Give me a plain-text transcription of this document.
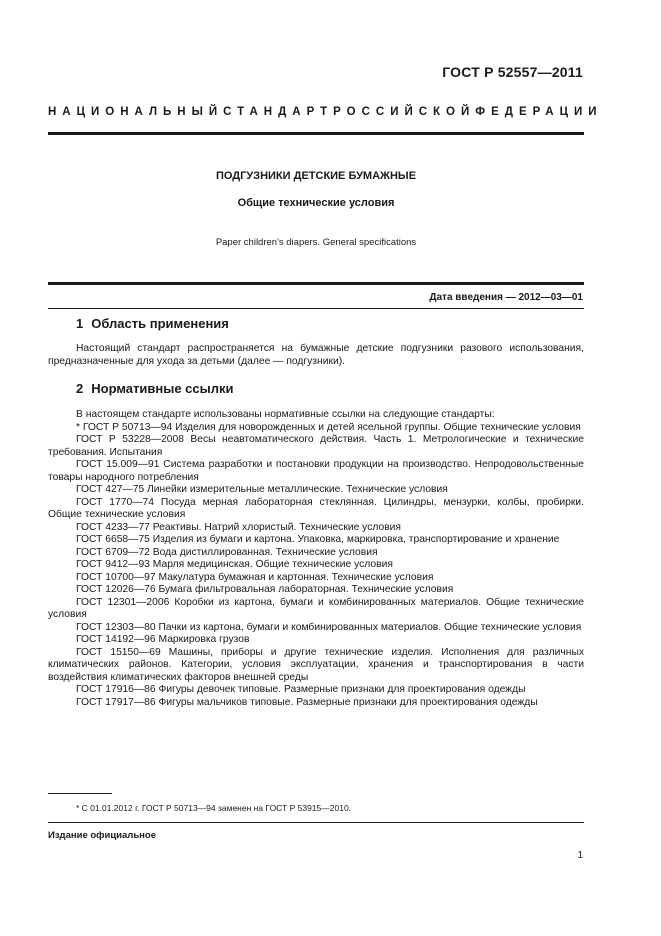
ГОСТ Р 52557—2011
НАЦИОНАЛЬНЫЙ СТАНДАРТ РОССИЙСКОЙ ФЕДЕРАЦИИ
ПОДГУЗНИКИ ДЕТСКИЕ БУМАЖНЫЕ
Общие технические условия
Paper children's diapers. General specifications
Дата введения — 2012—03—01
1 Область применения
Настоящий стандарт распространяется на бумажные детские подгузники разового использования, предназначенные для ухода за детьми (далее — подгузники).
2 Нормативные ссылки

В настоящем стандарте использованы нормативные ссылки на следующие стандарты:

* ГОСТ Р 50713—94 Изделия для новорожденных и детей ясельной группы. Общие технические условия

ГОСТ Р 53228—2008 Весы неавтоматического действия. Часть 1. Метрологические и технические требования. Испытания

ГОСТ 15.009—91 Система разработки и постановки продукции на производство. Непродовольственные товары народного потребления

ГОСТ 427—75 Линейки измерительные металлические. Технические условия

ГОСТ 1770—74 Посуда мерная лабораторная стеклянная. Цилиндры, мензурки, колбы, пробирки. Общие технические условия

ГОСТ 4233—77 Реактивы. Натрий хлористый. Технические условия

ГОСТ 6658—75 Изделия из бумаги и картона. Упаковка, маркировка, транспортирование и хранение

ГОСТ 6709—72 Вода дистиллированная. Технические условия

ГОСТ 9412—93 Марля медицинская. Общие технические условия

ГОСТ 10700—97 Макулатура бумажная и картонная. Технические условия

ГОСТ 12026—76 Бумага фильтровальная лабораторная. Технические условия

ГОСТ 12301—2006 Коробки из картона, бумаги и комбинированных материалов. Общие технические условия

ГОСТ 12303—80 Пачки из картона, бумаги и комбинированных материалов. Общие технические условия

ГОСТ 14192—96 Маркировка грузов

ГОСТ 15150—69 Машины, приборы и другие технические изделия. Исполнения для различных климатических районов. Категории, условия эксплуатации, хранения и транспортирования в части воздействия климатических факторов внешней среды

ГОСТ 17916—86 Фигуры девочек типовые. Размерные признаки для проектирования одежды

ГОСТ 17917—86 Фигуры мальчиков типовые. Размерные признаки для проектирования одежды

* С 01.01.2012 г. ГОСТ Р 50713—94 заменен на ГОСТ Р 53915—2010.
Издание официальное
1
